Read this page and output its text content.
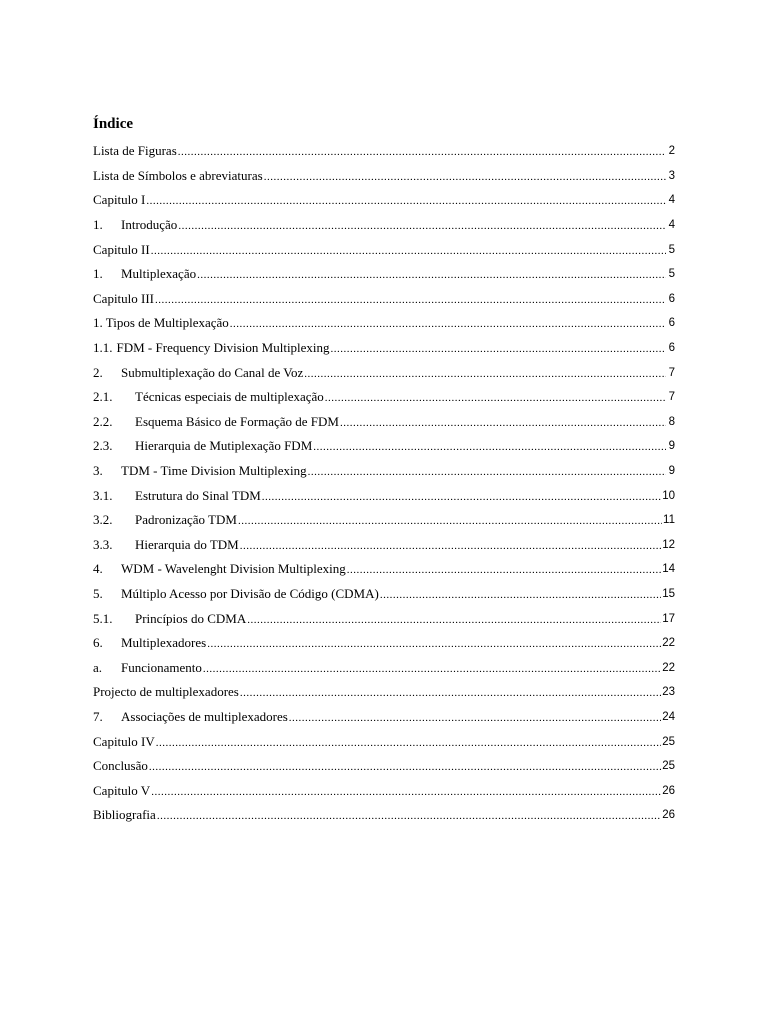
Índice
Lista de Figuras .....	2
Lista de Símbolos e abreviaturas .....	3
Capitulo I .....	4
1.	Introdução .....	4
Capitulo II .....	5
1.	Multiplexação .....	5
Capitulo III .....	6
1. Tipos de Multiplexação .....	6
1.1. FDM - Frequency Division Multiplexing .....	6
2.	Submultiplexação do Canal de Voz .....	7
2.1.	Técnicas especiais de multiplexação .....	7
2.2.	Esquema Básico de Formação de FDM .....	8
2.3.	Hierarquia de Mutiplexação FDM .....	9
3.	TDM - Time Division Multiplexing .....	9
3.1.	Estrutura do Sinal TDM .....	10
3.2.	Padronização TDM .....	11
3.3.	Hierarquia do TDM .....	12
4.	WDM - Wavelenght Division Multiplexing .....	14
5.	Múltiplo Acesso por Divisão de Código (CDMA) .....	15
5.1.	Princípios do CDMA .....	17
6.	Multiplexadores .....	22
a.	Funcionamento .....	22
Projecto de multiplexadores .....	23
7.	Associações de multiplexadores .....	24
Capitulo IV .....	25
Conclusão .....	25
Capitulo V .....	26
Bibliografia .....	26
